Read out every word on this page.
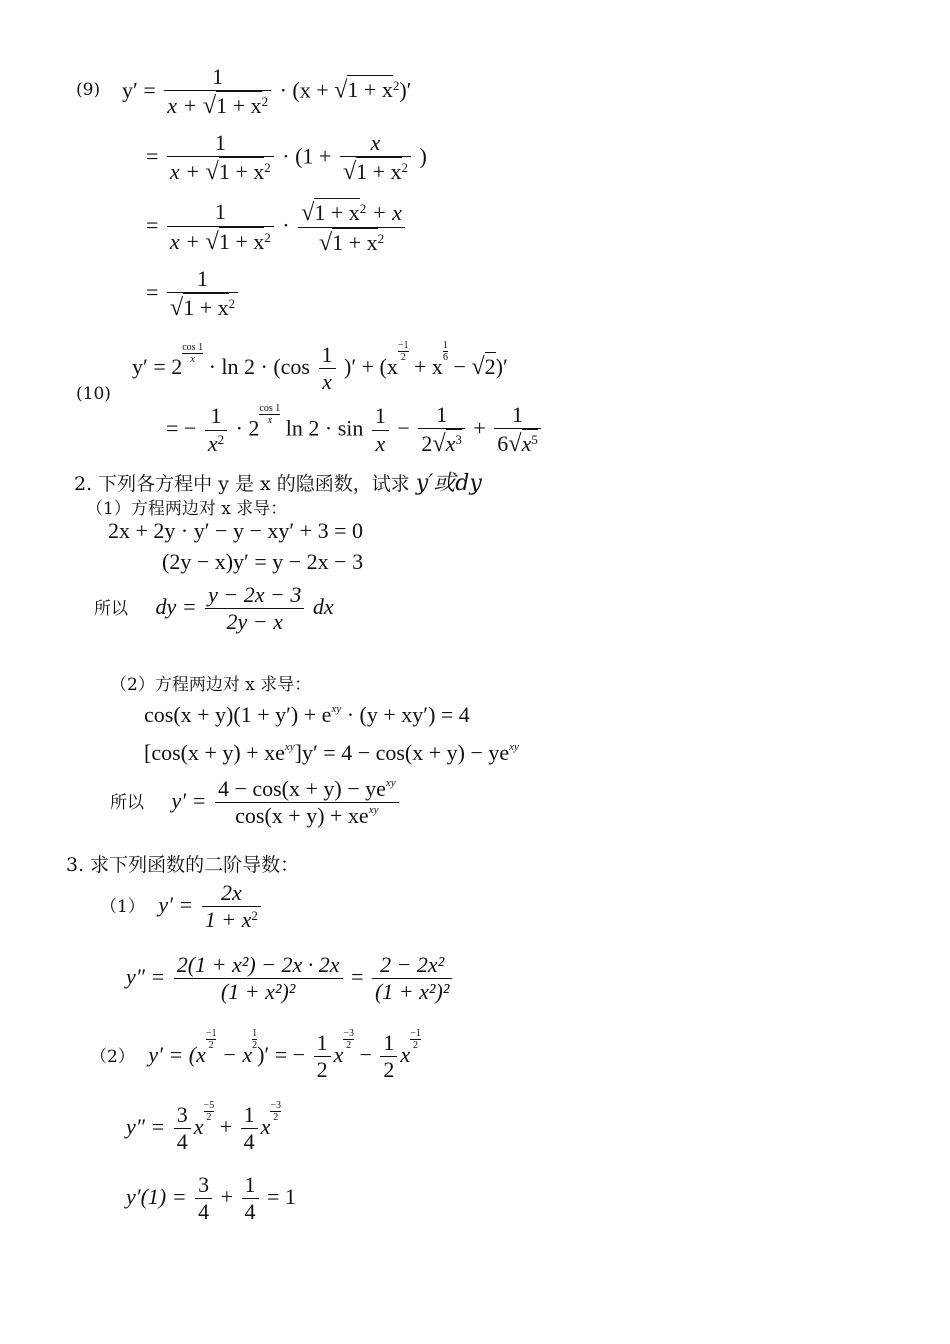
(9) $y' = \frac{1}{x + √1 + x^2} \cdot (x + √1 + x^2)'$
= $\frac{1}{x + √1 + x^2} \cdot (1 + \frac{x}{√1 + x^2}$ )
= $\frac{1}{x + √1 + x^2} \cdot \frac{√1 + x^2 + x}{√1 + x^2}$
= $\frac{1}{√1 + x^2}$
y′ = 2
$\frac{\cos 1}{x}$
· $\ln 2 \cdot (\cos \frac{1}{x}$ )′ + (x
$\frac{-1}{2}$
+ x
$\frac{1}{6}$
− √2)′
(10)
= − $\frac{1}{x^2} \cdot 2$
$\frac{\cos 1}{x}$
$\ln 2 \cdot \sin \frac{1}{x} - \frac{1}{2√x^3} + \frac{1}{6√x^5}$
2. 下列各方程中 y 是 x 的隐函数，试求 y′或dy
（1）方程两边对 x 求导：
2x + 2y · y′ − y − xy′ + 3 = 0
(2y − x)y′ = y − 2x − 3
所以 dy = $\frac{y - 2x - 3}{2y - x}$ dx
（2）方程两边对 x 求导：
$\cos(x + y)(1 + y') + e^{xy} \cdot (y + xy') = 4$
$[\cos(x + y) + xe^{xy}]y' = 4 - \cos(x + y) - ye^{xy}$
所以 $y' = \frac{4 - \cos(x + y) - ye^{xy}}{\cos(x + y) + xe^{xy}}$
3. 求下列函数的二阶导数：
（1） $y' = \frac{2x}{1 + x^2}$
$y'' = \frac{\text{2(1 + x²) − 2x · 2x}}{\text{(1 + x²)²}} = \frac{\text{2 − 2x²}}{\text{(1 + x²)²}}$
（2） y′ = (x
$\frac{-1}{2}$
− x
$\frac{1}{2}$
)′ = − $\frac{1}{2}$ x
$\frac{-3}{2}$
− $\frac{1}{2}$ x
$\frac{-1}{2}$
$y'' = \frac{3}{4}$ x
$\frac{-5}{2}$
+ $\frac{1}{4}$ x
$\frac{-3}{2}$
$y'(1) = \frac{3}{4} + \frac{1}{4} = 1$
